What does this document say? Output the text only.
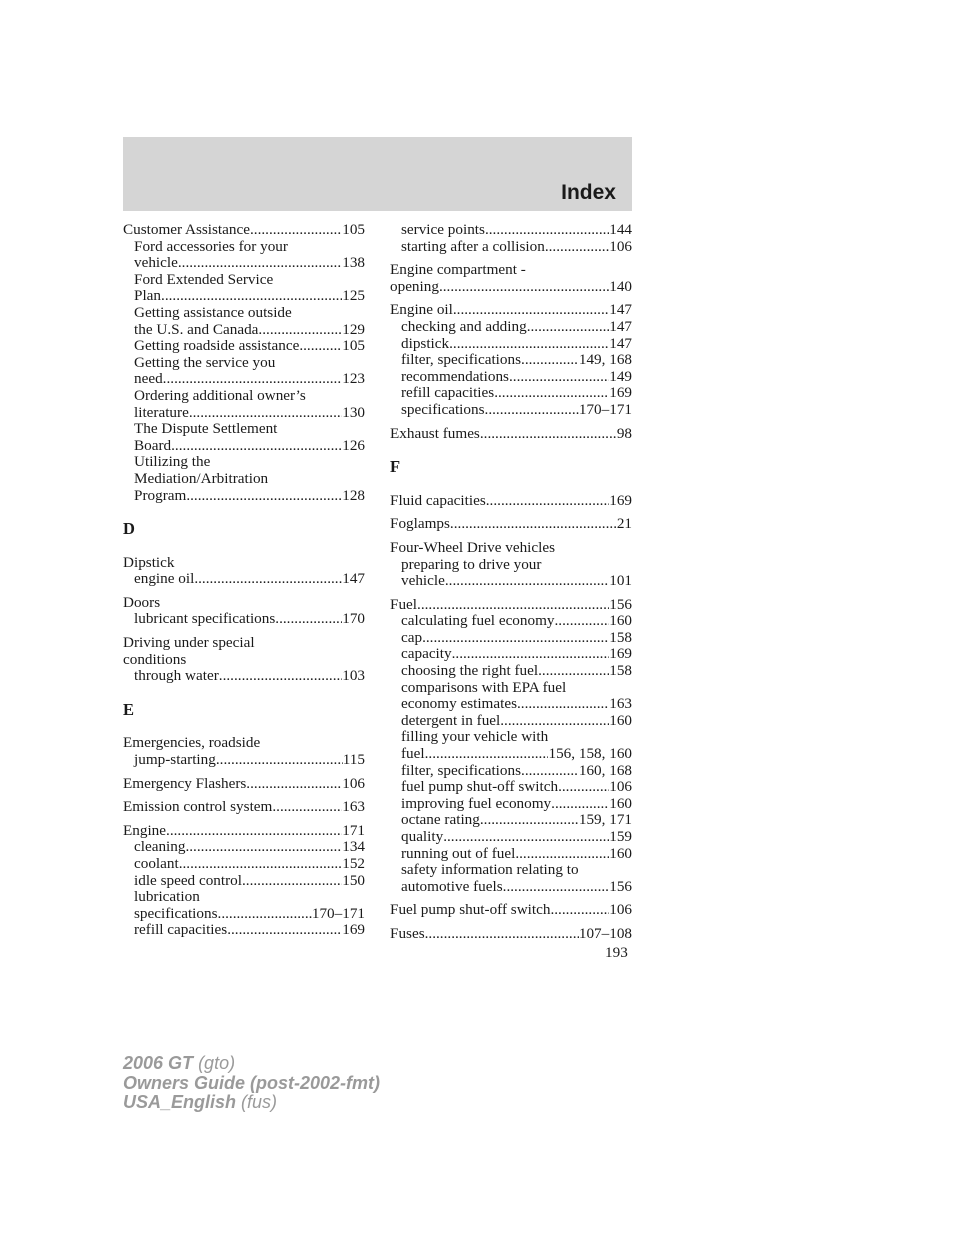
Index
Customer Assistance .....	105
Ford accessories for your
vehicle .....	138
Ford Extended Service
Plan .....	125
Getting assistance outside
the U.S. and Canada .....	129
Getting roadside assistance .....	105
Getting the service you
need .....	123
Ordering additional owner’s
literature .....	130
The Dispute Settlement
Board .....	126
Utilizing the
Mediation/Arbitration
Program .....	128
D
Dipstick
engine oil .....	147
Doors
lubricant specifications .....	170
Driving under special
conditions
through water .....	103
E
Emergencies, roadside
jump-starting .....	115
Emergency Flashers .....	106
Emission control system .....	163
Engine .....	171
cleaning .....	134
coolant .....	152
idle speed control .....	150
lubrication
specifications .....	170–171
refill capacities .....	169
service points .....	144
starting after a collision .....	106
Engine compartment -
opening .....	140
Engine oil .....	147
checking and adding .....	147
dipstick .....	147
filter, specifications .....	149, 168
recommendations .....	149
refill capacities .....	169
specifications .....	170–171
Exhaust fumes .....	98
F
Fluid capacities .....	169
Foglamps .....	21
Four-Wheel Drive vehicles
preparing to drive your
vehicle .....	101
Fuel .....	156
calculating fuel economy .....	160
cap .....	158
capacity .....	169
choosing the right fuel .....	158
comparisons with EPA fuel
economy estimates .....	163
detergent in fuel .....	160
filling your vehicle with
fuel .....	156, 158, 160
filter, specifications .....	160, 168
fuel pump shut-off switch .....	106
improving fuel economy .....	160
octane rating .....	159, 171
quality .....	159
running out of fuel .....	160
safety information relating to
automotive fuels .....	156
Fuel pump shut-off switch .....	106
Fuses .....	107–108
193
2006 GT (gto)
Owners Guide (post-2002-fmt)
USA_English (fus)
